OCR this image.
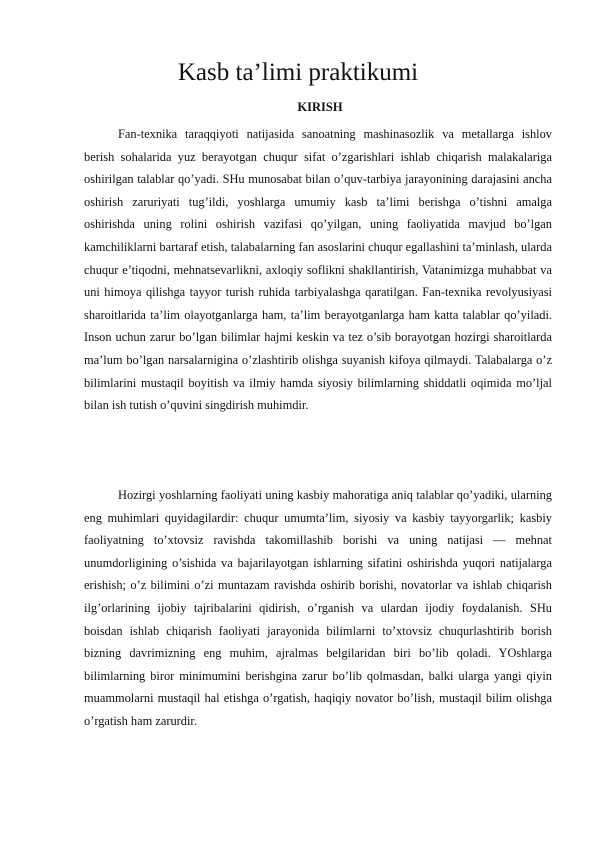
Kasb ta’limi praktikumi
KIRISH

Fan-texnika taraqqiyoti natijasida sanoatning mashinasozlik va metallarga ishlov berish sohalarida yuz berayotgan chuqur sifat o’zgarishlari ishlab chiqarish malakalariga oshirilgan talablar qo’yadi. SHu munosabat bilan o’quv-tarbiya jarayonining darajasini ancha oshirish zaruriyati tug’ildi, yoshlarga umumiy kasb ta’limi berishga o’tishni amalga oshirishda uning rolini oshirish vazifasi qo’yilgan, uning faoliyatida mavjud bo’lgan kamchiliklarni bartaraf etish, talabalarning fan asoslarini chuqur egallashini ta’minlash, ularda chuqur e’tiqodni, mehnatsevarlikni, axloqiy soflikni shakllantirish, Vatanimizga muhabbat va uni himoya qilishga tayyor turish ruhida tarbiyalashga qaratilgan. Fan-texnika revolyusiyasi sharoitlarida ta’lim olayotganlarga ham, ta’lim berayotganlarga ham katta talablar qo’yiladi. Inson uchun zarur bo’lgan bilimlar hajmi keskin va tez o’sib borayotgan hozirgi sharoitlarda ma’lum bo’lgan narsalarnigina o’zlashtirib olishga suyanish kifoya qilmaydi. Talabalarga o’z bilimlarini mustaqil boyitish va ilmiy hamda siyosiy bilimlarning shiddatli oqimida mo’ljal bilan ish tutish o’quvini singdirish muhimdir.

Hozirgi yoshlarning faoliyati uning kasbiy mahoratiga aniq talablar qo’yadiki, ularning eng muhimlari quyidagilardir: chuqur umumta’lim, siyosiy va kasbiy tayyorgarlik; kasbiy faoliyatning to’xtovsiz ravishda takomillashib borishi va uning natijasi — mehnat unumdorligining o’sishida va bajarilayotgan ishlarning sifatini oshirishda yuqori natijalarga erishish; o’z bilimini o’zi muntazam ravishda oshirib borishi, novatorlar va ishlab chiqarish ilg’orlarining ijobiy tajribalarini qidirish, o’rganish va ulardan ijodiy foydalanish. SHu boisdan ishlab chiqarish faoliyati jarayonida bilimlarni to’xtovsiz chuqurlashtirib borish bizning davrimizning eng muhim, ajralmas belgilaridan biri bo’lib qoladi. YOshlarga bilimlarning biror minimumini berishgina zarur bo’lib qolmasdan, balki ularga yangi qiyin muammolarni mustaqil hal etishga o’rgatish, haqiqiy novator bo’lish, mustaqil bilim olishga o’rgatish ham zarurdir.
